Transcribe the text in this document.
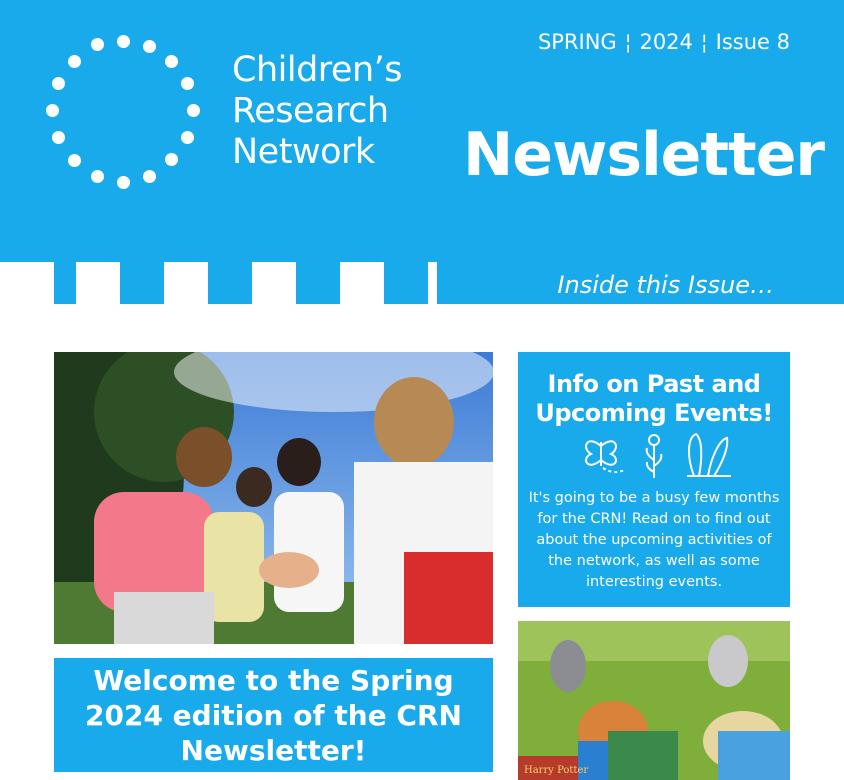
Children’s
Research
Network
SPRING ¦ 2024 ¦ Issue 8
Newsletter
Inside this Issue…
Welcome to the Spring 2024 edition of the CRN Newsletter!
Info on Past and Upcoming Events!

It's going to be a busy few months for the CRN! Read on to find out about the upcoming activities of the network, as well as some interesting events.

Harry Potter
